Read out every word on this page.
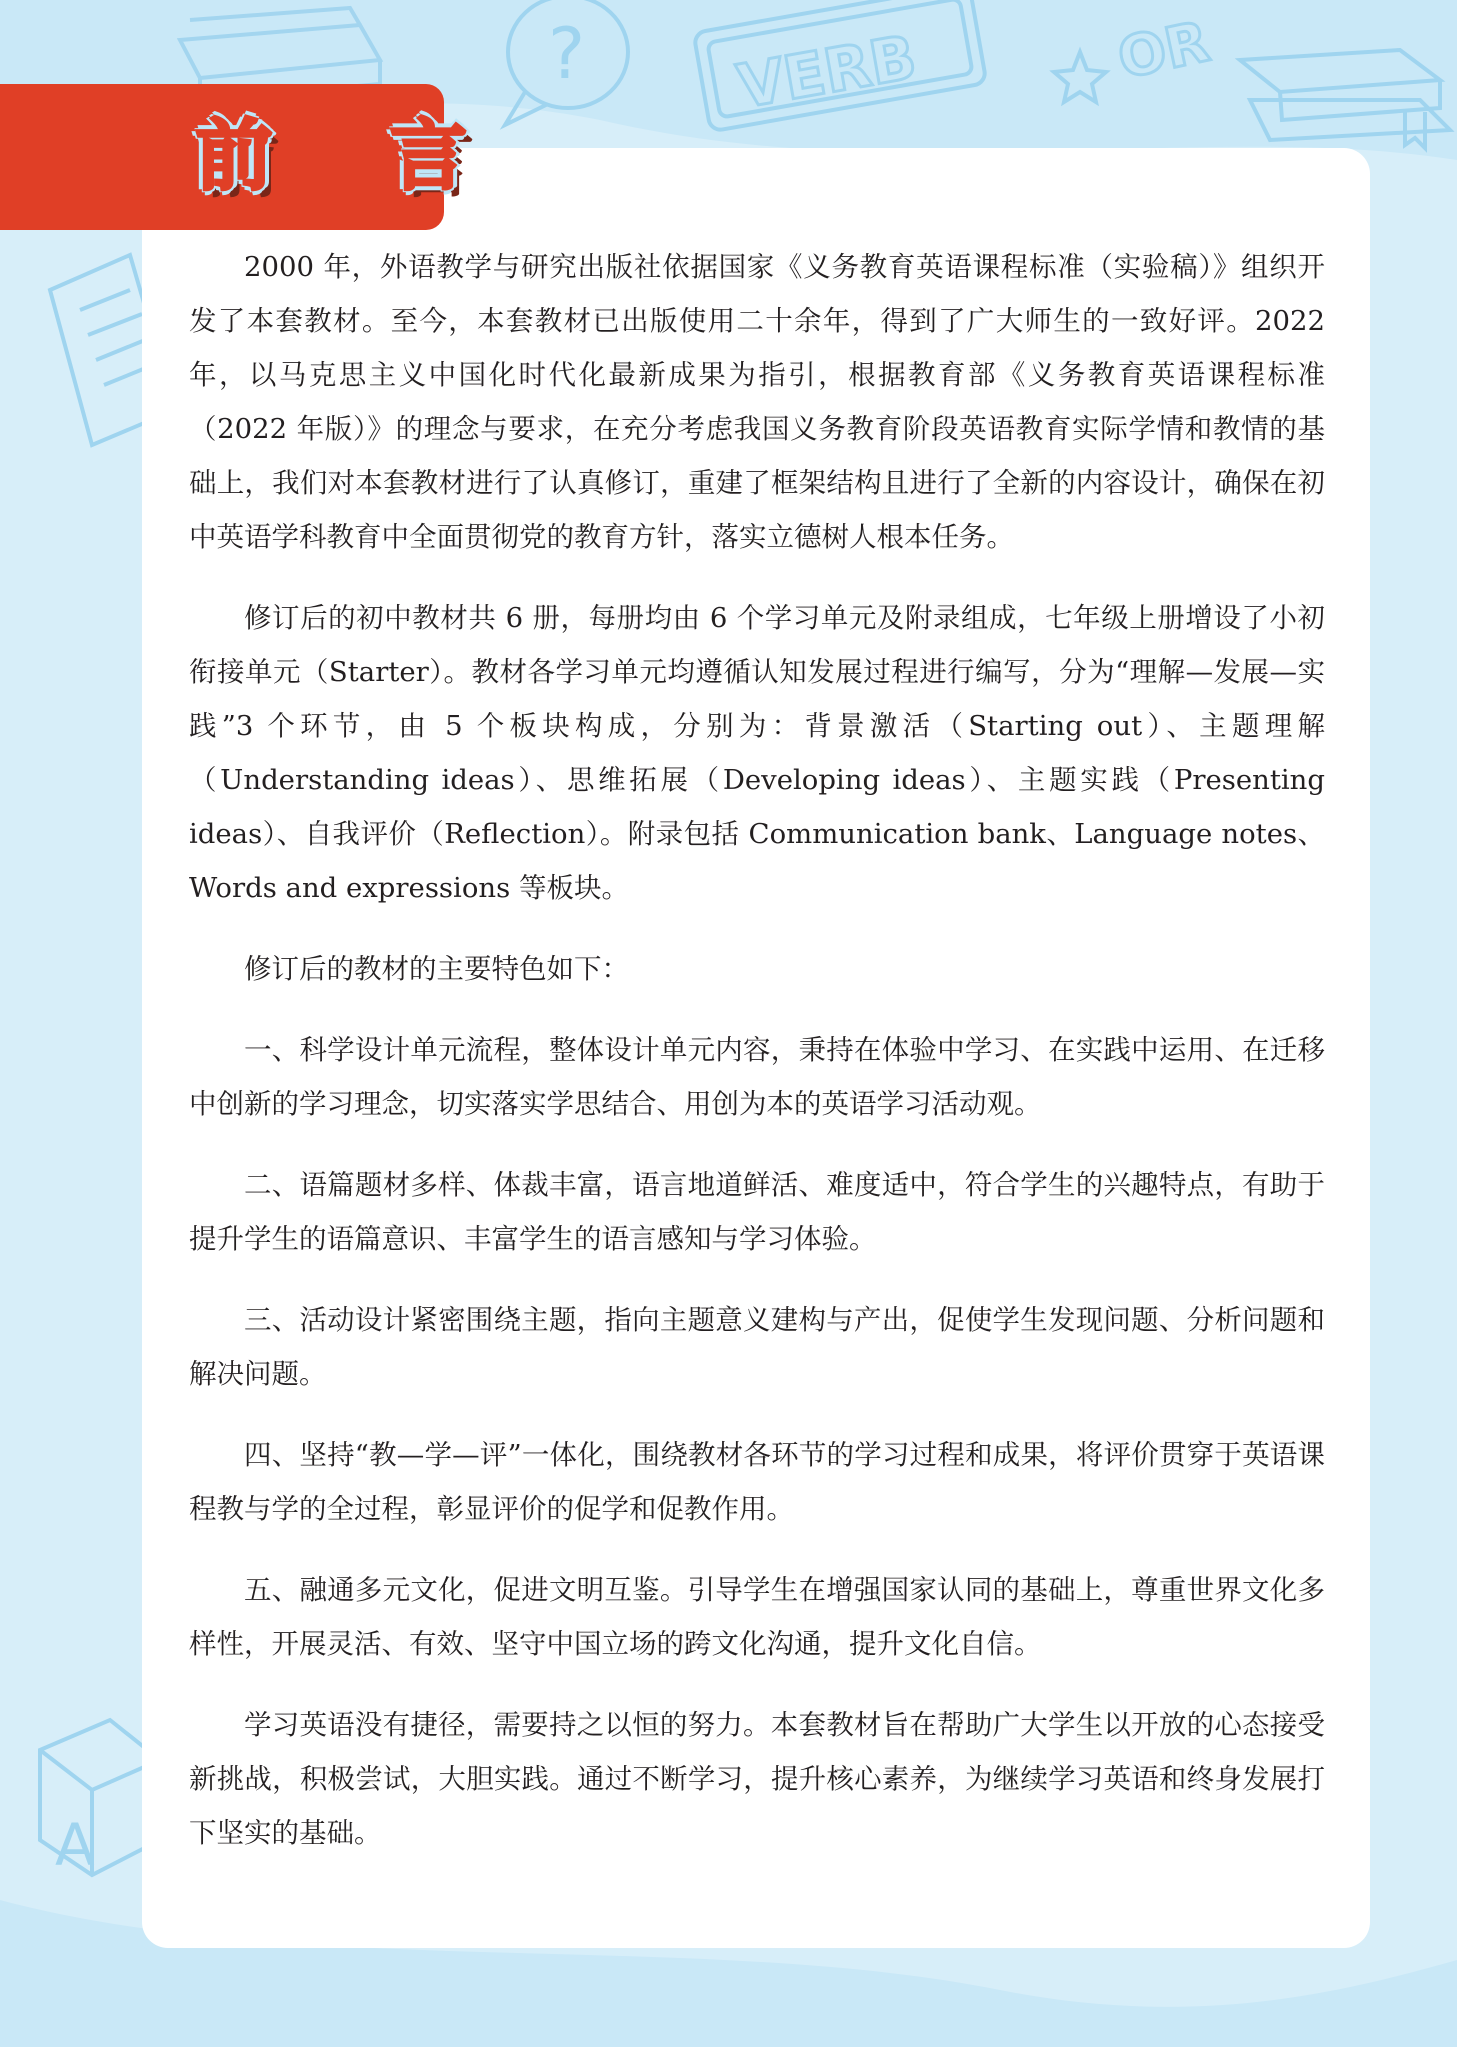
? VERB	OR
A
前 言

2000 年，外语教学与研究出版社依据国家《义务教育英语课程标准（实验稿）》组织开发了本套教材。至今，本套教材已出版使用二十余年，得到了广大师生的一致好评。2022 年，以马克思主义中国化时代化最新成果为指引，根据教育部《义务教育英语课程标准（2022 年版）》的理念与要求，在充分考虑我国义务教育阶段英语教育实际学情和教情的基础上，我们对本套教材进行了认真修订，重建了框架结构且进行了全新的内容设计，确保在初中英语学科教育中全面贯彻党的教育方针，落实立德树人根本任务。

修订后的初中教材共 6 册，每册均由 6 个学习单元及附录组成，七年级上册增设了小初衔接单元（Starter）。教材各学习单元均遵循认知发展过程进行编写，分为“理解—发展—实践”3 个环节，由 5 个板块构成，分别为：背景激活（Starting out）、主题理解（Understanding ideas）、思维拓展（Developing ideas）、主题实践（Presenting ideas）、自我评价（Reflection）。附录包括 Communication bank、Language notes、Words and expressions 等板块。

修订后的教材的主要特色如下：

一、科学设计单元流程，整体设计单元内容，秉持在体验中学习、在实践中运用、在迁移中创新的学习理念，切实落实学思结合、用创为本的英语学习活动观。

二、语篇题材多样、体裁丰富，语言地道鲜活、难度适中，符合学生的兴趣特点，有助于提升学生的语篇意识、丰富学生的语言感知与学习体验。

三、活动设计紧密围绕主题，指向主题意义建构与产出，促使学生发现问题、分析问题和解决问题。

四、坚持“教—学—评”一体化，围绕教材各环节的学习过程和成果，将评价贯穿于英语课程教与学的全过程，彰显评价的促学和促教作用。

五、融通多元文化，促进文明互鉴。引导学生在增强国家认同的基础上，尊重世界文化多样性，开展灵活、有效、坚守中国立场的跨文化沟通，提升文化自信。

学习英语没有捷径，需要持之以恒的努力。本套教材旨在帮助广大学生以开放的心态接受新挑战，积极尝试，大胆实践。通过不断学习，提升核心素养，为继续学习英语和终身发展打下坚实的基础。
